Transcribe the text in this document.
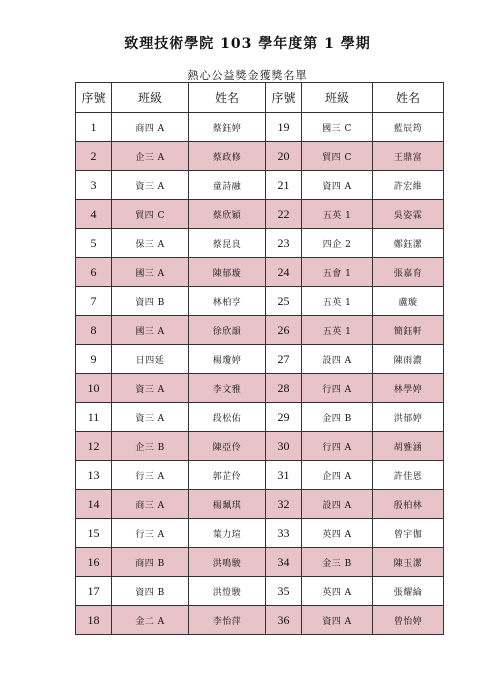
致理技術學院 103 學年度第 1 學期
熱心公益獎金獲獎名單
序號	班級	姓名	序號	班級	姓名
1	商四 A	蔡鈺婷	19	國三 C	藍辰筠
2	企三 A	蔡政修	20	貿四 C	王鼎富
3	資三 A	童詩融	21	資四 A	許宏維
4	貿四 C	蔡欣穎	22	五英 1	吳姿霖
5	保三 A	蔡昆良	23	四企 2	鄭鈺潔
6	國三 A	陳郁璇	24	五會 1	張嘉育
7	資四 B	林柏亨	25	五英 1	盧璇
8	國三 A	徐欣韻	26	五英 1	簡鈺軒
9	日四延	楊瓊婷	27	設四 A	陳雨濃
10	資三 A	李文雅	28	行四 A	林學婷
11	資三 A	段松佑	29	金四 B	洪郁婷
12	企三 B	陳亞伶	30	行四 A	胡雅涵
13	行三 A	郭芷伶	31	企四 A	許佳恩
14	商三 A	楊珮琪	32	設四 A	殷柏林
15	行三 A	葉力瑄	33	英四 A	曾宇伽
16	商四 B	洪鳴駿	34	金三 B	陳玉潔
17	資四 B	洪愷駿	35	英四 A	張耀綸
18	金二 A	李怡萍	36	資四 A	曾怡婷
